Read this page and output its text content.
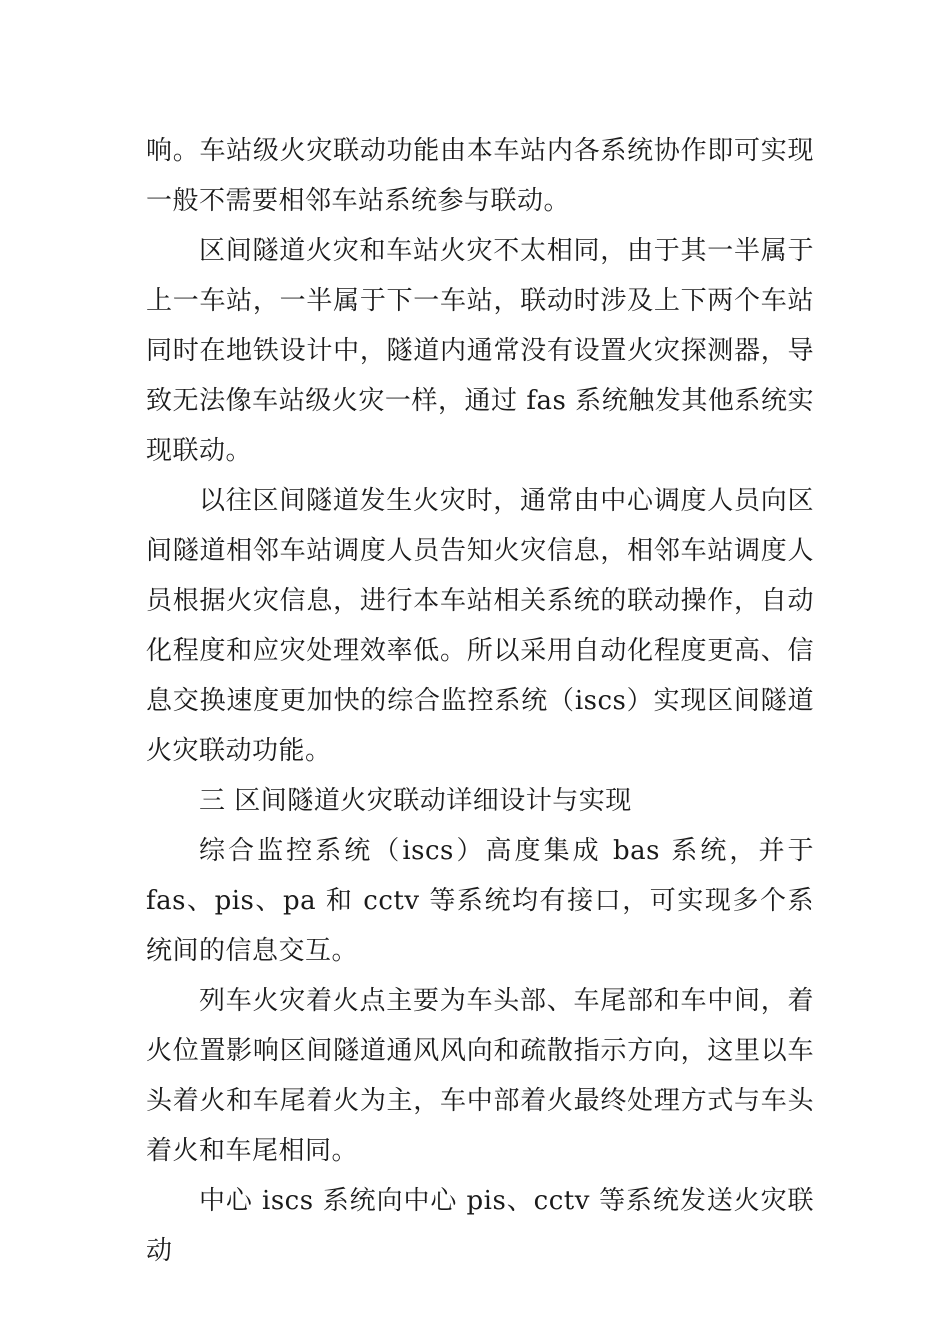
响。车站级火灾联动功能由本车站内各系统协作即可实现一般不需要相邻车站系统参与联动。

区间隧道火灾和车站火灾不太相同，由于其一半属于上一车站，一半属于下一车站，联动时涉及上下两个车站同时在地铁设计中，隧道内通常没有设置火灾探测器，导致无法像车站级火灾一样，通过 fas 系统触发其他系统实现联动。

以往区间隧道发生火灾时，通常由中心调度人员向区间隧道相邻车站调度人员告知火灾信息，相邻车站调度人员根据火灾信息，进行本车站相关系统的联动操作，自动化程度和应灾处理效率低。所以采用自动化程度更高、信息交换速度更加快的综合监控系统（iscs）实现区间隧道火灾联动功能。

三 区间隧道火灾联动详细设计与实现

综合监控系统（iscs）高度集成 bas 系统，并于 fas、pis、pa 和 cctv 等系统均有接口，可实现多个系统间的信息交互。

列车火灾着火点主要为车头部、车尾部和车中间，着火位置影响区间隧道通风风向和疏散指示方向，这里以车头着火和车尾着火为主，车中部着火最终处理方式与车头着火和车尾相同。

中心 iscs 系统向中心 pis、cctv 等系统发送火灾联动
